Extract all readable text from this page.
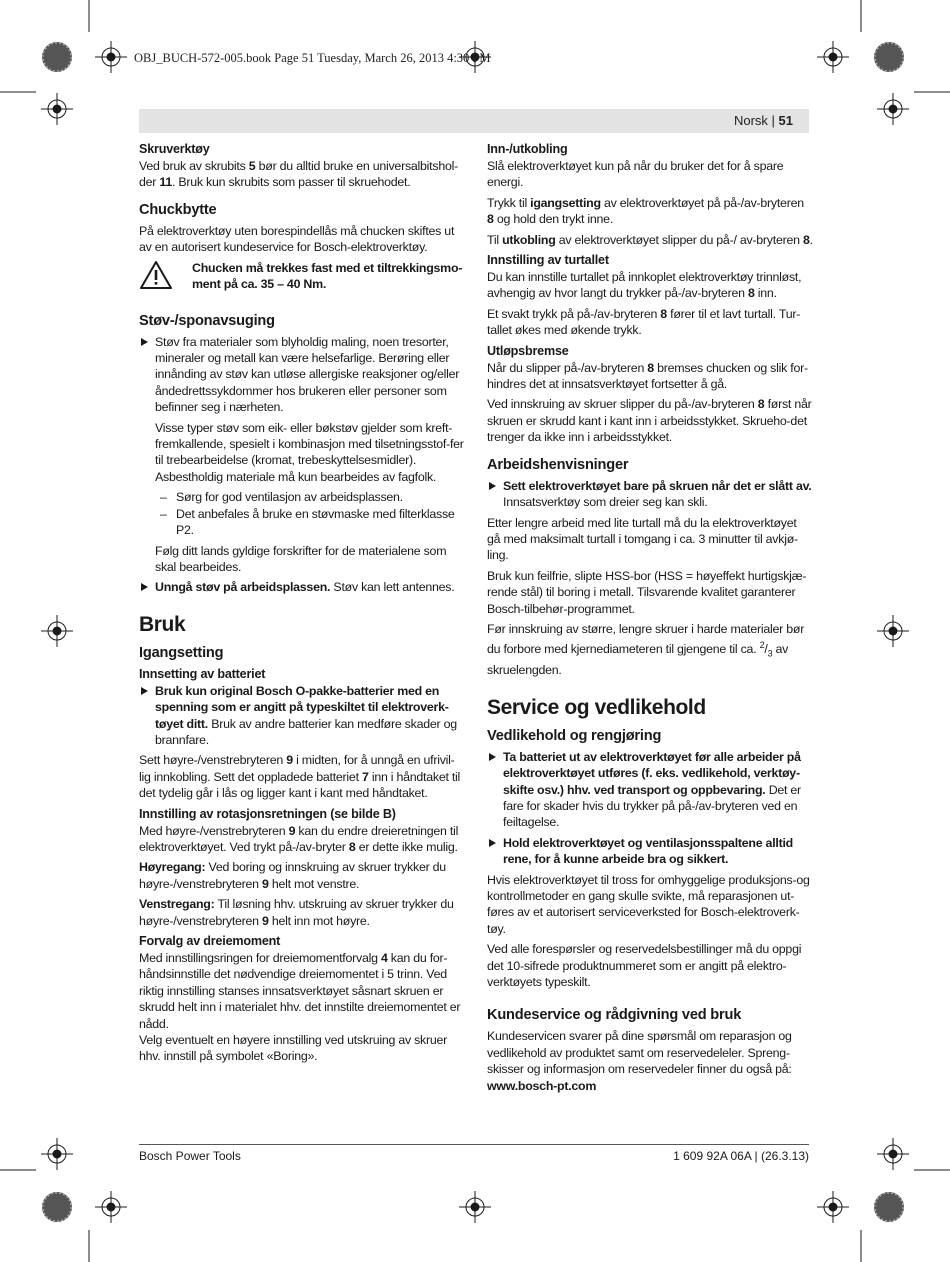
OBJ_BUCH-572-005.book Page 51 Tuesday, March 26, 2013 4:30 PM
Norsk | 51
Skruverktøy

Ved bruk av skrubits 5 bør du alltid bruke en universalbitshol-der 11. Bruk kun skrubits som passer til skruehodet.

Chuckbytte

På elektroverktøy uten borespindellås må chucken skiftes ut av en autorisert kundeservice for Bosch-elektroverktøy.

Chucken må trekkes fast med et tiltrekkingsmo-ment på ca. 35 – 40 Nm.

Støv-/sponavsuging

Støv fra materialer som blyholdig maling, noen tresorter, mineraler og metall kan være helsefarlige. Berøring eller innånding av støv kan utløse allergiske reaksjoner og/eller åndedrettssykdommer hos brukeren eller personer som befinner seg i nærheten.

Visse typer støv som eik- eller bøkstøv gjelder som kreft-fremkallende, spesielt i kombinasjon med tilsetningsstof-fer til trebearbeidelse (kromat, trebeskyttelsesmidler). Asbestholdig materiale må kun bearbeides av fagfolk.

– Sørg for god ventilasjon av arbeidsplassen.

– Det anbefales å bruke en støvmaske med filterklasse P2.

Følg ditt lands gyldige forskrifter for de materialene som skal bearbeides.

Unngå støv på arbeidsplassen. Støv kan lett antennes.

Bruk
Igangsetting
Innsetting av batteriet

Bruk kun original Bosch O-pakke-batterier med en spenning som er angitt på typeskiltet til elektroverk-tøyet ditt. Bruk av andre batterier kan medføre skader og brannfare.

Sett høyre-/venstrebryteren 9 i midten, for å unngå en ufrivil-lig innkobling. Sett det oppladede batteriet 7 inn i håndtaket til det tydelig går i lås og ligger kant i kant med håndtaket.

Innstilling av rotasjonsretningen (se bilde B)

Med høyre-/venstrebryteren 9 kan du endre dreieretningen til elektroverktøyet. Ved trykt på-/av-bryter 8 er dette ikke mulig.

Høyregang: Ved boring og innskruing av skruer trykker du høyre-/venstrebryteren 9 helt mot venstre.

Venstregang: Til løsning hhv. utskruing av skruer trykker du høyre-/venstrebryteren 9 helt inn mot høyre.

Forvalg av dreiemoment

Med innstillingsringen for dreiemomentforvalg 4 kan du for-håndsinnstille det nødvendige dreiemomentet i 5 trinn. Ved riktig innstilling stanses innsatsverktøyet såsnart skruen er skrudd helt inn i materialet hhv. det innstilte dreiemomentet er nådd.

Velg eventuelt en høyere innstilling ved utskruing av skruer hhv. innstill på symbolet «Boring».

Inn-/utkobling

Slå elektroverktøyet kun på når du bruker det for å spare energi.

Trykk til igangsetting av elektroverktøyet på på-/av-bryteren 8 og hold den trykt inne.

Til utkobling av elektroverktøyet slipper du på-/ av-bryteren 8.

Innstilling av turtallet

Du kan innstille turtallet på innkoplet elektroverktøy trinnløst, avhengig av hvor langt du trykker på-/av-bryteren 8 inn.

Et svakt trykk på på-/av-bryteren 8 fører til et lavt turtall. Tur-tallet økes med økende trykk.

Utløpsbremse

Når du slipper på-/av-bryteren 8 bremses chucken og slik for-hindres det at innsatsverktøyet fortsetter å gå.

Ved innskruing av skruer slipper du på-/av-bryteren 8 først når skruen er skrudd kant i kant inn i arbeidsstykket. Skrueho-det trenger da ikke inn i arbeidsstykket.

Arbeidshenvisninger

Sett elektroverktøyet bare på skruen når det er slått av. Innsatsverktøy som dreier seg kan skli.

Etter lengre arbeid med lite turtall må du la elektroverktøyet gå med maksimalt turtall i tomgang i ca. 3 minutter til avkjø-ling.

Bruk kun feilfrie, slipte HSS-bor (HSS = høyeffekt hurtigskjæ-rende stål) til boring i metall. Tilsvarende kvalitet garanterer Bosch-tilbehør-programmet.

Før innskruing av større, lengre skruer i harde materialer bør du forbore med kjernediameteren til gjengene til ca. $^2/_3$ av skruelengden.

Service og vedlikehold
Vedlikehold og rengjøring

Ta batteriet ut av elektroverktøyet før alle arbeider på elektroverktøyet utføres (f. eks. vedlikehold, verktøy-skifte osv.) hhv. ved transport og oppbevaring. Det er fare for skader hvis du trykker på på-/av-bryteren ved en feiltagelse.

Hold elektroverktøyet og ventilasjonsspaltene alltid rene, for å kunne arbeide bra og sikkert.

Hvis elektroverktøyet til tross for omhyggelige produksjons-og kontrollmetoder en gang skulle svikte, må reparasjonen ut-føres av et autorisert serviceverksted for Bosch-elektroverk-tøy.

Ved alle forespørsler og reservedelsbestillinger må du oppgi det 10-sifrede produktnummeret som er angitt på elektro-verktøyets typeskilt.

Kundeservice og rådgivning ved bruk

Kundeservicen svarer på dine spørsmål om reparasjon og vedlikehold av produktet samt om reservedeleler. Spreng-skisser og informasjon om reservedeler finner du også på: www.bosch-pt.com

Bosch Power Tools	1 609 92A 06A | (26.3.13)
